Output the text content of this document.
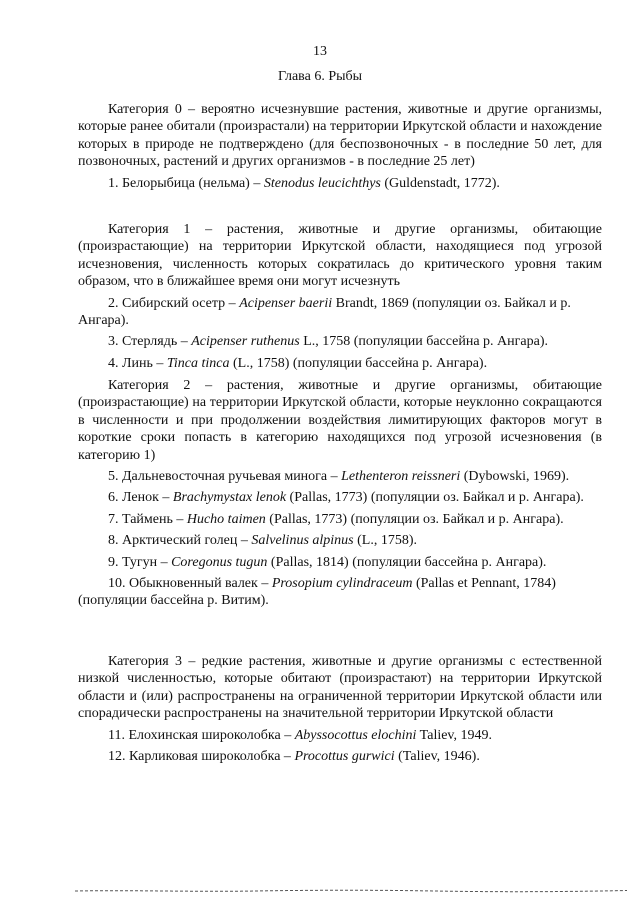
13
Глава 6. Рыбы

Категория 0 – вероятно исчезнувшие растения, животные и другие организмы, которые ранее обитали (произрастали) на территории Иркутской области и нахождение которых в природе не подтверждено (для беспозвоночных - в последние 50 лет, для позвоночных, растений и других организмов - в последние 25 лет)

1. Белорыбица (нельма) – Stenodus leucichthys (Guldenstadt, 1772).

Категория 1 – растения, животные и другие организмы, обитающие (произрастающие) на территории Иркутской области, находящиеся под угрозой исчезновения, численность которых сократилась до критического уровня таким образом, что в ближайшее время они могут исчезнуть

2. Сибирский осетр – Acipenser baerii Brandt, 1869 (популяции оз. Байкал и р. Ангара).

3. Стерлядь – Acipenser ruthenus L., 1758 (популяции бассейна р. Ангара).

4. Линь – Tinca tinca (L., 1758) (популяции бассейна р. Ангара).

Категория 2 – растения, животные и другие организмы, обитающие (произрастающие) на территории Иркутской области, которые неуклонно сокращаются в численности и при продолжении воздействия лимитирующих факторов могут в короткие сроки попасть в категорию находящихся под угрозой исчезновения (в категорию 1)

5. Дальневосточная ручьевая минога – Lethenteron reissneri (Dybowski, 1969).

6. Ленок – Brachymystax lenok (Pallas, 1773) (популяции оз. Байкал и р. Ангара).

7. Таймень – Hucho taimen (Pallas, 1773) (популяции оз. Байкал и р. Ангара).

8. Арктический голец – Salvelinus alpinus (L., 1758).

9. Тугун – Coregonus tugun (Pallas, 1814) (популяции бассейна р. Ангара).

10. Обыкновенный валек – Prosopium cylindraceum (Pallas et Pennant, 1784) (популяции бассейна р. Витим).

Категория 3 – редкие растения, животные и другие организмы с естественной низкой численностью, которые обитают (произрастают) на территории Иркутской области и (или) распространены на ограниченной территории Иркутской области или спорадически распространены на значительной территории Иркутской области

11. Елохинская широколобка – Abyssocottus elochini Taliev, 1949.

12. Карликовая широколобка – Procottus gurwici (Taliev, 1946).
